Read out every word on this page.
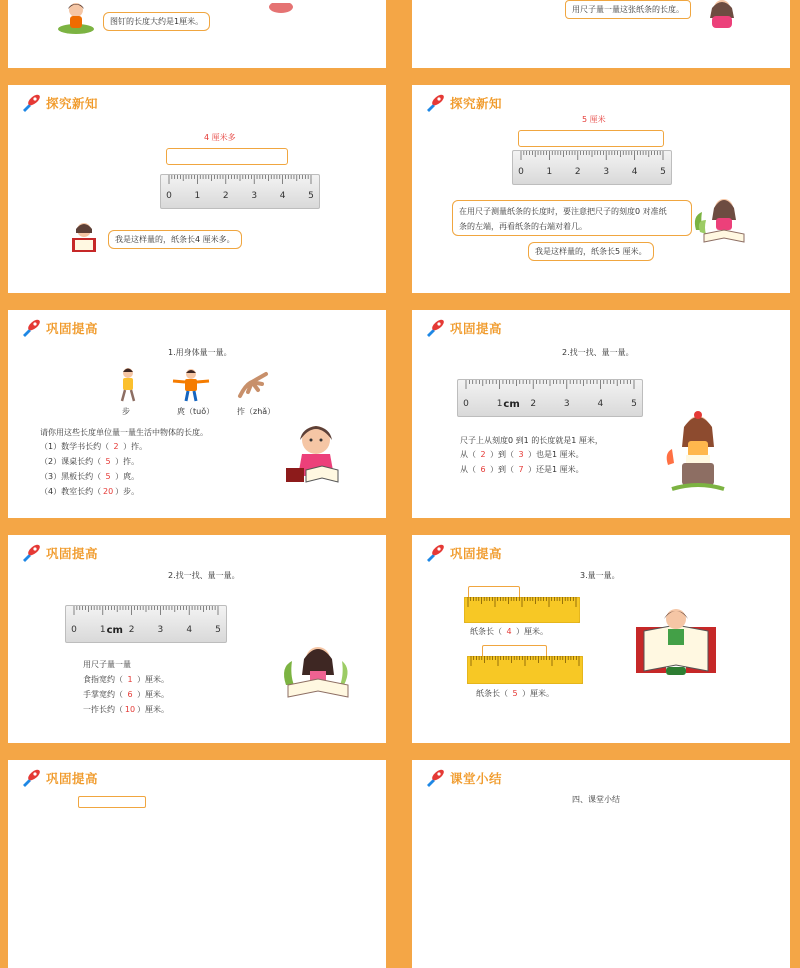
图钉的长度大约是1厘米。
用尺子量一量这张纸条的长度。
探究新知
4 厘米多
0	1	2	3	4	5
我是这样量的，纸条长4 厘米多。
探究新知
5 厘米
0	1	2	3	4	5
在用尺子测量纸条的长度时，要注意把尺子的刻度0 对准纸
条的左端，再看纸条的右端对着几。
我是这样量的，纸条长5 厘米。
巩固提高
1.用身体量一量。
步	庹（tuǒ）	拃（zhǎ）
请你用这些长度单位量一量生活中物体的长度。
（1）数学书长约（ 2 ）拃。
（2）课桌长约（ 5 ）拃。
（3）黑板长约（ 5 ）庹。
（4）教室长约（ 20 ）步。
巩固提高
2.找一找、量一量。
0	1	2	3	4	5
cm
尺子上从刻度0 到1 的长度就是1 厘米，
从（ 2 ）到（ 3 ）也是1 厘米。
从（ 6 ）到（ 7 ）还是1 厘米。
巩固提高
2.找一找、量一量。
0	1	2	3	4	5
cm
用尺子量一量
食指宽约（ 1 ）厘米。
手掌宽约（ 6 ）厘米。
一拃长约（ 10 ）厘米。
巩固提高
3.量一量。
纸条长（ 4 ）厘米。
纸条长（ 5 ）厘米。
巩固提高	课堂小结
四、课堂小结
